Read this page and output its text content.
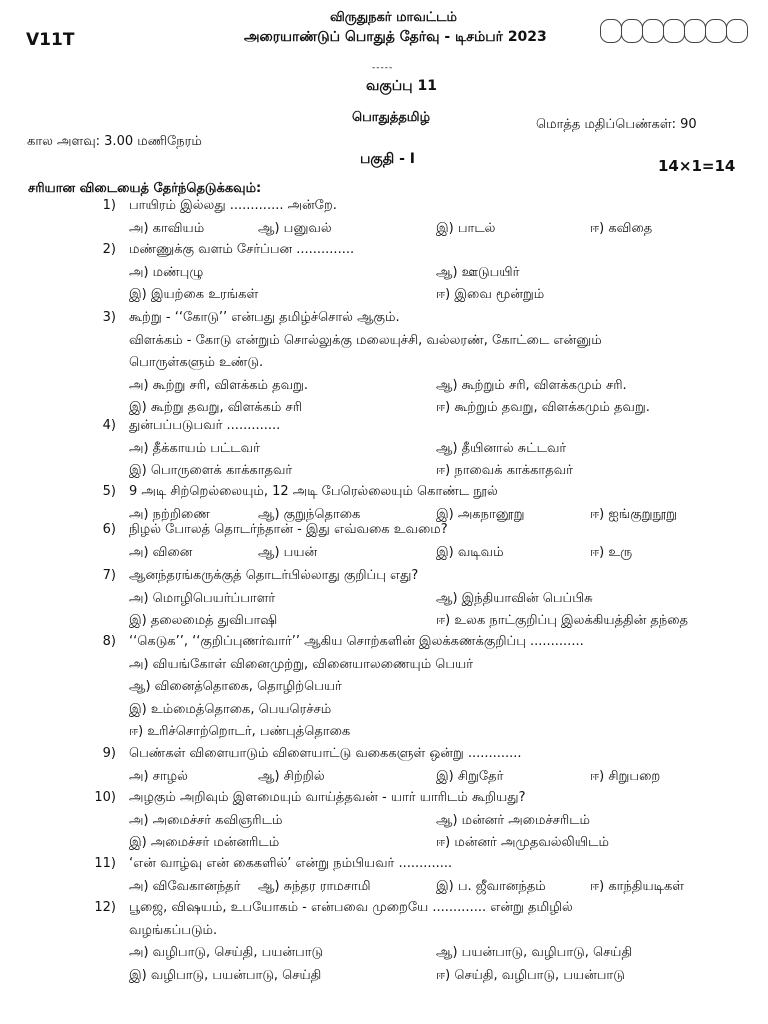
V11T
விருதுநகர் மாவட்டம்
அரையாண்டுப் பொதுத் தேர்வு - டிசம்பர் 2023
-----
வகுப்பு 11
பொதுத்தமிழ்	மொத்த மதிப்பெண்கள்: 90
கால அளவு: 3.00 மணிநேரம்
பகுதி - I	14×1=14
சரியான விடையைத் தேர்ந்தெடுக்கவும்:
1) பாயிரம் இல்லது ............. அன்றே.
அ) காவியம்	ஆ) பனுவல்	இ) பாடல்	ஈ) கவிதை
2) மண்ணுக்கு வளம் சேர்ப்பன ..............
அ) மண்புழு	ஆ) ஊடுபயிர்
இ) இயற்கை உரங்கள்	ஈ) இவை மூன்றும்
3) கூற்று - ‘‘கோடு’’ என்பது தமிழ்ச்சொல் ஆகும்.
விளக்கம் - கோடு என்றும் சொல்லுக்கு மலையுச்சி, வல்லரண், கோட்டை என்னும்
பொருள்களும் உண்டு.
அ) கூற்று சரி, விளக்கம் தவறு.	ஆ) கூற்றும் சரி, விளக்கமும் சரி.
இ) கூற்று தவறு, விளக்கம் சரி	ஈ) கூற்றும் தவறு, விளக்கமும் தவறு.
4) துன்பப்படுபவர் .............
அ) தீக்காயம் பட்டவர்	ஆ) தீயினால் சுட்டவர்
இ) பொருளைக் காக்காதவர்	ஈ) நாவைக் காக்காதவர்
5) 9 அடி சிற்றெல்லையும், 12 அடி பேரெல்லையும் கொண்ட நூல்
அ) நற்றிணை	ஆ) குறுந்தொகை	இ) அகநானூறு	ஈ) ஐங்குறுநூறு
6) நிழல் போலத் தொடர்ந்தான் - இது எவ்வகை உவமை?
அ) வினை	ஆ) பயன்	இ) வடிவம்	ஈ) உரு
7) ஆனந்தரங்கருக்குத் தொடர்பில்லாது குறிப்பு எது?
அ) மொழிபெயர்ப்பாளர்	ஆ) இந்தியாவின் பெப்பிசு
இ) தலைமைத் துவிபாஷி	ஈ) உலக நாட்குறிப்பு இலக்கியத்தின் தந்தை
8) ‘‘கெடுக’’, ‘‘குறிப்புணர்வார்’’ ஆகிய சொற்களின் இலக்கணக்குறிப்பு .............
அ) வியங்கோள் வினைமுற்று, வினையாலணையும் பெயர்
ஆ) வினைத்தொகை, தொழிற்பெயர்
இ) உம்மைத்தொகை, பெயரெச்சம்
ஈ) உரிச்சொற்றொடர், பண்புத்தொகை
9) பெண்கள் விளையாடும் விளையாட்டு வகைகளுள் ஒன்று .............
அ) சாழல்	ஆ) சிற்றில்	இ) சிறுதேர்	ஈ) சிறுபறை
10) அழகும் அறிவும் இளமையும் வாய்த்தவன் - யார் யாரிடம் கூறியது?
அ) அமைச்சர் கவிஞரிடம்	ஆ) மன்னர் அமைச்சரிடம்
இ) அமைச்சர் மன்னரிடம்	ஈ) மன்னர் அமுதவல்லியிடம்
11) ‘என் வாழ்வு என் கைகளில்’ என்று நம்பியவர் .............
அ) விவேகானந்தர் ஆ) சுந்தர ராமசாமி	இ) ப. ஜீவானந்தம்	ஈ) காந்தியடிகள்
12) பூஜை, விஷயம், உபயோகம் - என்பவை முறையே ............. என்று தமிழில்
வழங்கப்படும்.
அ) வழிபாடு, செய்தி, பயன்பாடு	ஆ) பயன்பாடு, வழிபாடு, செய்தி
இ) வழிபாடு, பயன்பாடு, செய்தி	ஈ) செய்தி, வழிபாடு, பயன்பாடு
